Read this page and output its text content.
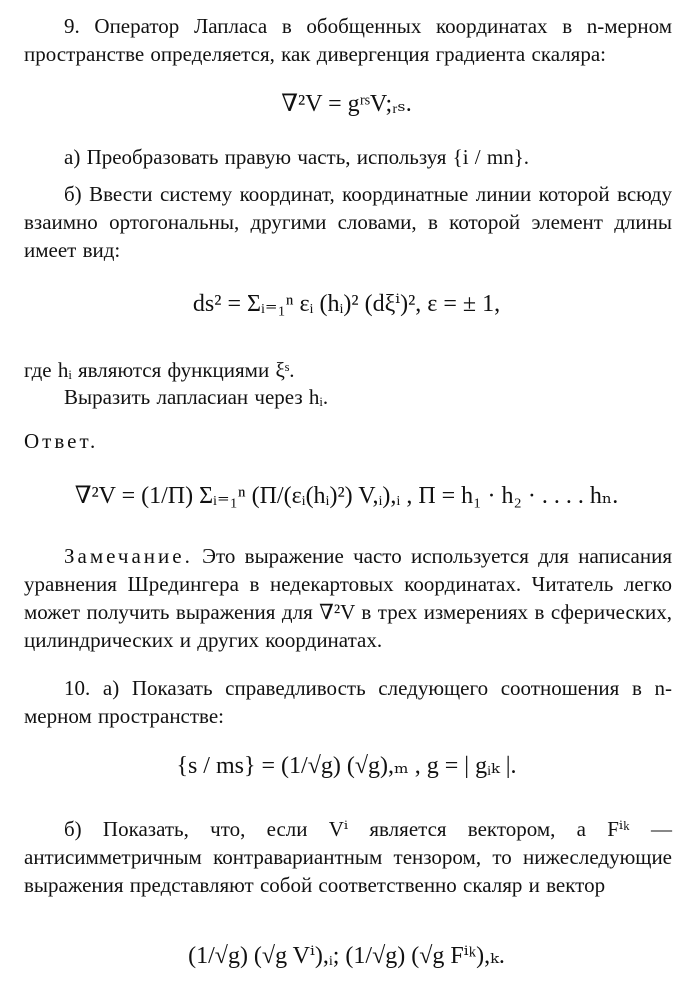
9. Оператор Лапласа в обобщенных координатах в n-мерном пространстве определяется, как дивергенция градиента скаляра:
∇²V = gʳˢV;ᵣₛ.
а) Преобразовать правую часть, используя {i / mn}.
б) Ввести систему координат, координатные линии которой всюду взаимно ортогональны, другими словами, в которой элемент длины имеет вид:
ds² = Σᵢ₌₁ⁿ εᵢ (hᵢ)² (dξⁱ)², ε = ± 1,
где hᵢ являются функциями ξˢ.
Выразить лапласиан через hᵢ.
Ответ.
∇²V = (1/Π) Σᵢ₌₁ⁿ (Π/(εᵢ(hᵢ)²) V,ᵢ),ᵢ , Π = h₁ · h₂ · . . . . hₙ.
Замечание. Это выражение часто используется для написания уравнения Шредингера в недекартовых координатах. Читатель легко может получить выражения для ∇²V в трех измерениях в сферических, цилиндрических и других координатах.
10. а) Показать справедливость следующего соотношения в n-мерном пространстве:
{s / ms} = (1/√g) (√g),ₘ , g = | gᵢₖ |.
б) Показать, что, если Vⁱ является вектором, а Fⁱᵏ — антисимметричным контравариантным тензором, то нижеследующие выражения представляют собой соответственно скаляр и вектор
(1/√g) (√g Vⁱ),ᵢ; (1/√g) (√g Fⁱᵏ),ₖ.
